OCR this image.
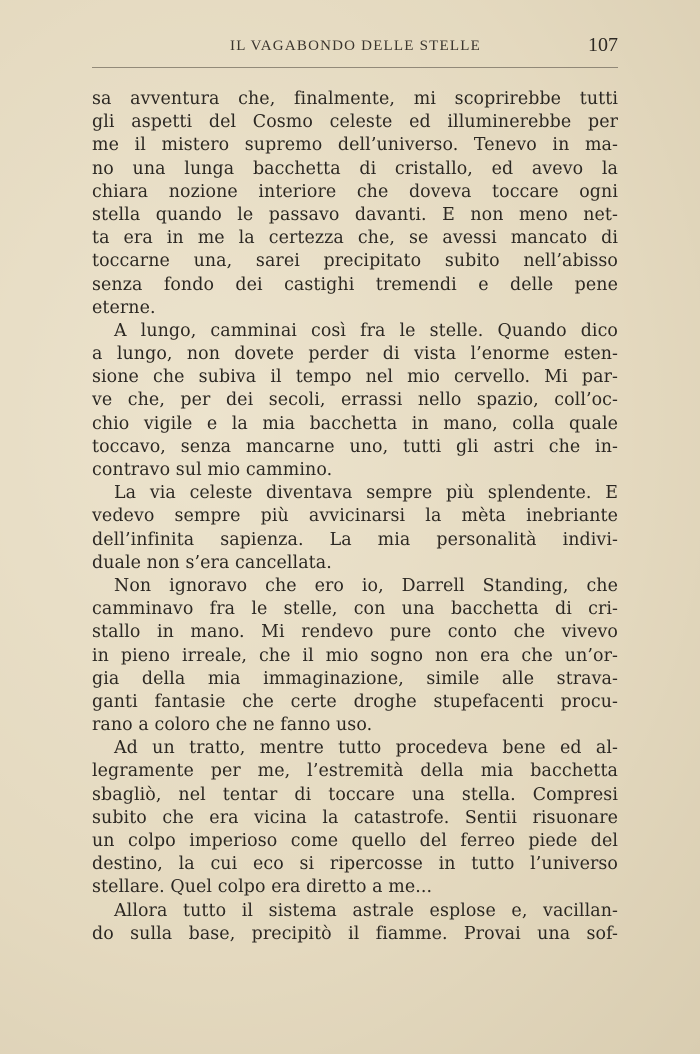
IL VAGABONDO DELLE STELLE	107
sa avventura che, finalmente, mi scoprirebbe tutti
gli aspetti del Cosmo celeste ed illuminerebbe per
me il mistero supremo dell’universo. Tenevo in ma-
no una lunga bacchetta di cristallo, ed avevo la
chiara nozione interiore che doveva toccare ogni
stella quando le passavo davanti. E non meno net-
ta era in me la certezza che, se avessi mancato di
toccarne una, sarei precipitato subito nell’abisso
senza fondo dei castighi tremendi e delle pene
eterne.
A lungo, camminai così fra le stelle. Quando dico
a lungo, non dovete perder di vista l’enorme esten-
sione che subiva il tempo nel mio cervello. Mi par-
ve che, per dei secoli, errassi nello spazio, coll’oc-
chio vigile e la mia bacchetta in mano, colla quale
toccavo, senza mancarne uno, tutti gli astri che in-
contravo sul mio cammino.
La via celeste diventava sempre più splendente. E
vedevo sempre più avvicinarsi la mèta inebriante
dell’infinita sapienza. La mia personalità indivi-
duale non s’era cancellata.
Non ignoravo che ero io, Darrell Standing, che
camminavo fra le stelle, con una bacchetta di cri-
stallo in mano. Mi rendevo pure conto che vivevo
in pieno irreale, che il mio sogno non era che un’or-
gia della mia immaginazione, simile alle strava-
ganti fantasie che certe droghe stupefacenti procu-
rano a coloro che ne fanno uso.
Ad un tratto, mentre tutto procedeva bene ed al-
legramente per me, l’estremità della mia bacchetta
sbagliò, nel tentar di toccare una stella. Compresi
subito che era vicina la catastrofe. Sentii risuonare
un colpo imperioso come quello del ferreo piede del
destino, la cui eco si ripercosse in tutto l’universo
stellare. Quel colpo era diretto a me...
Allora tutto il sistema astrale esplose e, vacillan-
do sulla base, precipitò il fiamme. Provai una sof-
